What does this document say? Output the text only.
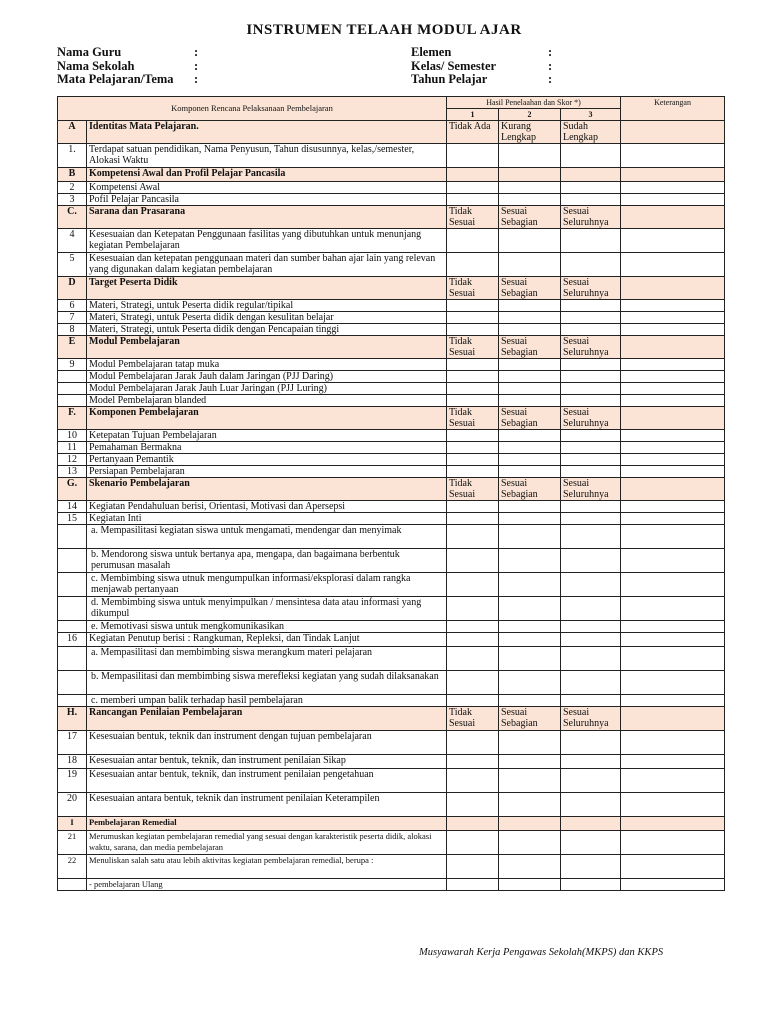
INSTRUMEN TELAAH MODUL AJAR
Nama Guru	:
Nama Sekolah	:
Mata Pelajaran/Tema	:
Elemen	:
Kelas/ Semester	:
Tahun Pelajar	:
Komponen Rencana Pelaksanaan Pembelajaran		Hasil Penelaahan dan Skor *)			Keterangan
		1	2	3	
A	Identitas Mata Pelajaran.	Tidak Ada	Kurang Lengkap	Sudah Lengkap	
1.	Terdapat satuan pendidikan, Nama Penyusun, Tahun disusunnya, kelas,/semester, Alokasi Waktu				
B	Kompetensi Awal dan Profil Pelajar Pancasila				
2	Kompetensi Awal				
3	Pofil Pelajar Pancasila				
C.	Sarana dan Prasarana	Tidak Sesuai	Sesuai Sebagian	Sesuai Seluruhnya	
4	Kesesuaian dan Ketepatan Penggunaan fasilitas yang dibutuhkan untuk menunjang kegiatan Pembelajaran				
5	Kesesuaian dan ketepatan penggunaan materi dan sumber bahan ajar lain yang relevan yang digunakan dalam kegiatan pembelajaran				
D	Target Peserta Didik	Tidak Sesuai	Sesuai Sebagian	Sesuai Seluruhnya	
6	Materi, Strategi, untuk Peserta didik regular/tipikal				
7	Materi, Strategi, untuk Peserta didik dengan kesulitan belajar				
8	Materi, Strategi, untuk Peserta didik dengan Pencapaian tinggi				
E	Modul Pembelajaran	Tidak Sesuai	Sesuai Sebagian	Sesuai Seluruhnya	
9	Modul Pembelajaran tatap muka				
	Modul Pembelajaran Jarak Jauh dalam Jaringan (PJJ Daring)				
	Modul Pembelajaran Jarak Jauh Luar Jaringan (PJJ Luring)				
	Model Pembelajaran blanded				
F.	Komponen Pembelajaran	Tidak Sesuai	Sesuai Sebagian	Sesuai Seluruhnya	
10	Ketepatan Tujuan Pembelajaran				
11	Pemahaman Bermakna				
12	Pertanyaan Pemantik				
13	Persiapan Pembelajaran				
G.	Skenario Pembelajaran	Tidak Sesuai	Sesuai Sebagian	Sesuai Seluruhnya	
14	Kegiatan Pendahuluan berisi, Orientasi, Motivasi dan Apersepsi				
15	Kegiatan Inti				
	a. Mempasilitasi kegiatan siswa untuk mengamati, mendengar dan menyimak				
	b. Mendorong siswa untuk bertanya apa, mengapa, dan bagaimana berbentuk perumusan masalah				
	c. Membimbing siswa utnuk mengumpulkan informasi/eksplorasi dalam rangka menjawab pertanyaan				
	d. Membimbing siswa untuk menyimpulkan / mensintesa data atau informasi yang dikumpul				
	e. Memotivasi siswa untuk mengkomunikasikan				
16	Kegiatan Penutup berisi : Rangkuman, Repleksi, dan Tindak Lanjut				
	a. Mempasilitasi dan membimbing siswa merangkum materi pelajaran				
	b. Mempasilitasi dan membimbing siswa merefleksi kegiatan yang sudah dilaksanakan				
	c. memberi umpan balik terhadap hasil pembelajaran				
H.	Rancangan Penilaian Pembelajaran	Tidak Sesuai	Sesuai Sebagian	Sesuai Seluruhnya	
17	Kesesuaian bentuk, teknik dan instrument dengan tujuan pembelajaran				
18	Kesesuaian antar bentuk, teknik, dan instrument penilaian Sikap				
19	Kesesuaian antar bentuk, teknik, dan instrument penilaian pengetahuan				
20	Kesesuaian antara bentuk, teknik dan instrument penilaian Keterampilen				
I	Pembelajaran Remedial				
21	Merumuskan kegiatan pembelajaran remedial yang sesuai dengan karakteristik peserta didik, alokasi waktu, sarana, dan media pembelajaran				
22	Menuliskan salah satu atau lebih aktivitas kegiatan pembelajaran remedial, berupa :				
	- pembelajaran Ulang				
Musyawarah Kerja Pengawas Sekolah(MKPS) dan KKPS
